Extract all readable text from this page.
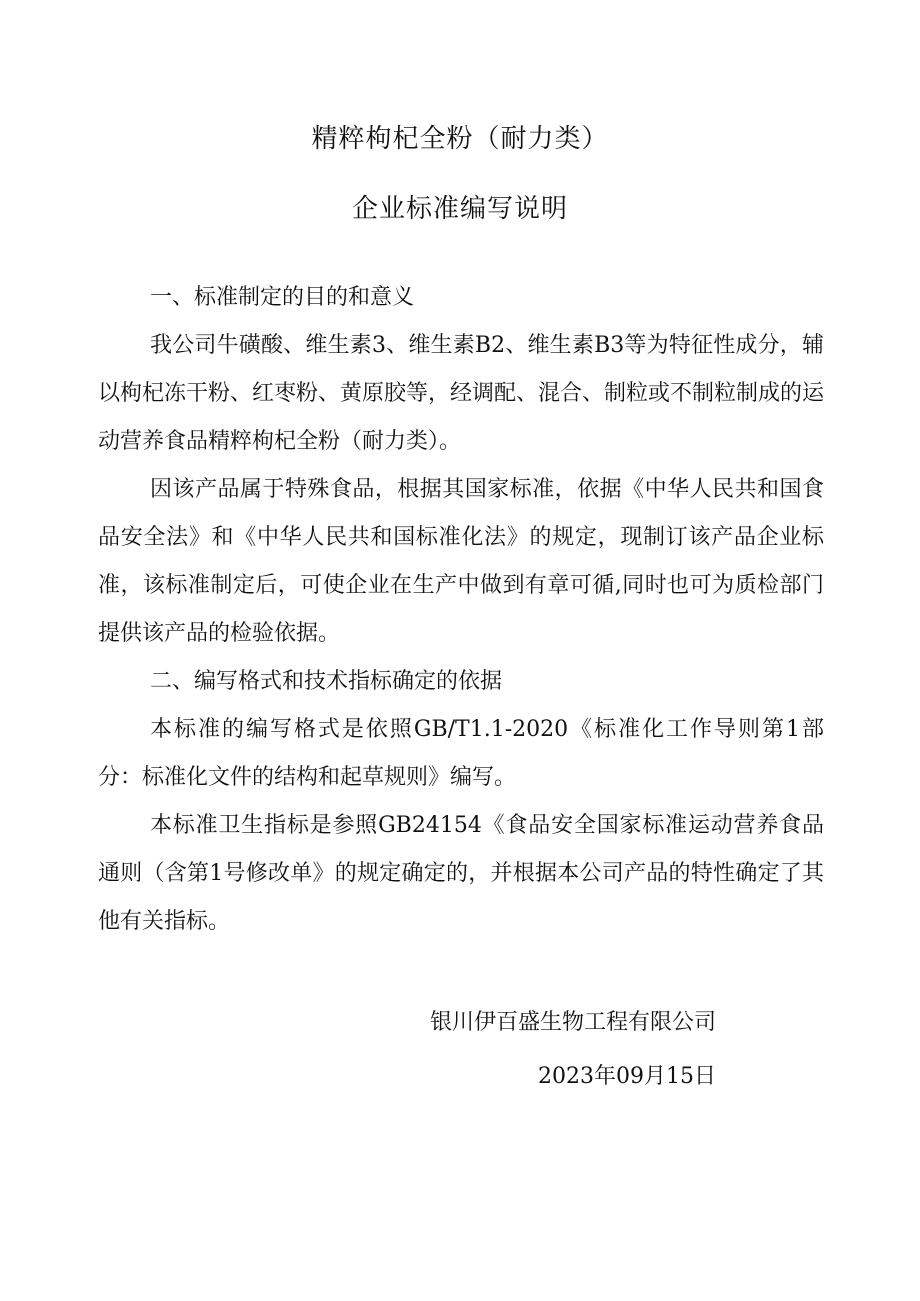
精粹枸杞全粉（耐力类）
企业标准编写说明

一、标准制定的目的和意义

我公司牛磺酸、维生素3、维生素B2、维生素B3等为特征性成分，辅以枸杞冻干粉、红枣粉、黄原胶等，经调配、混合、制粒或不制粒制成的运动营养食品精粹枸杞全粉（耐力类）。

因该产品属于特殊食品，根据其国家标准，依据《中华人民共和国食品安全法》和《中华人民共和国标准化法》的规定，现制订该产品企业标准，该标准制定后，可使企业在生产中做到有章可循,同时也可为质检部门提供该产品的检验依据。

二、编写格式和技术指标确定的依据

本标准的编写格式是依照GB/T1.1-2020《标准化工作导则第1部分：标准化文件的结构和起草规则》编写。

本标准卫生指标是参照GB24154《食品安全国家标准运动营养食品通则（含第1号修改单》的规定确定的，并根据本公司产品的特性确定了其他有关指标。

银川伊百盛生物工程有限公司
2023年09月15日
